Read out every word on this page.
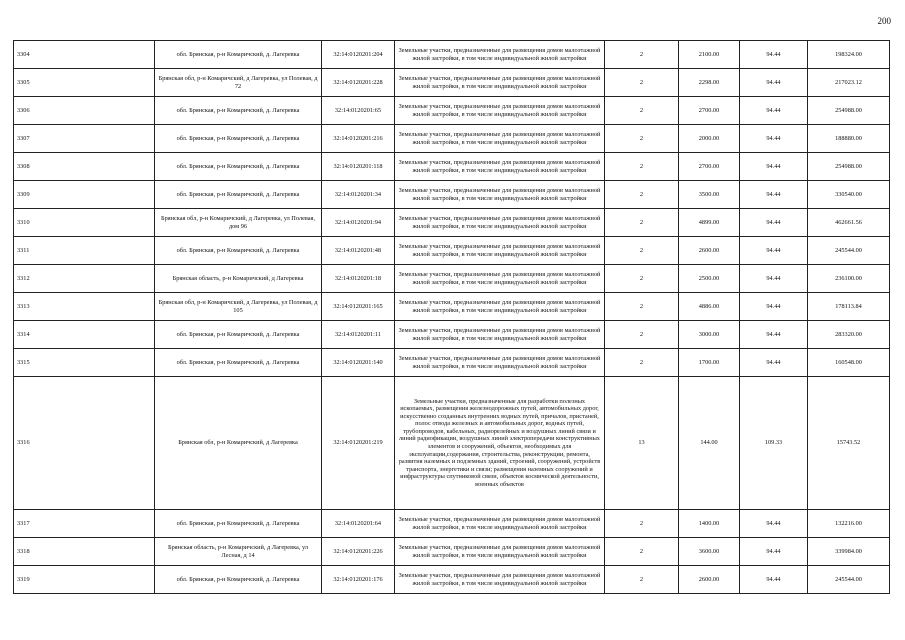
200
3304	обл. Брянская, р-н Комаричский, д. Лагеревка	32:14:0120201:204	Земельные участки, предназначенные для размещения домов малоэтажной жилой застройки, в том числе индивидуальной жилой застройки	2	2100.00	94.44	198324.00
3305	Брянская обл, р-н Комаричский, д Лагеревка, ул Полевая, д 72	32:14:0120201:228	Земельные участки, предназначенные для размещения домов малоэтажной жилой застройки, в том числе индивидуальной жилой застройки	2	2298.00	94.44	217023.12
3306	обл. Брянская, р-н Комаричский, д. Лагеревка	32:14:0120201:65	Земельные участки, предназначенные для размещения домов малоэтажной жилой застройки, в том числе индивидуальной жилой застройки	2	2700.00	94.44	254988.00
3307	обл. Брянская, р-н Комаричский, д. Лагеревка	32:14:0120201:216	Земельные участки, предназначенные для размещения домов малоэтажной жилой застройки, в том числе индивидуальной жилой застройки	2	2000.00	94.44	188880.00
3308	обл. Брянская, р-н Комаричский, д. Лагеревка	32:14:0120201:118	Земельные участки, предназначенные для размещения домов малоэтажной жилой застройки, в том числе индивидуальной жилой застройки	2	2700.00	94.44	254988.00
3309	обл. Брянская, р-н Комаричский, д. Лагеревка	32:14:0120201:34	Земельные участки, предназначенные для размещения домов малоэтажной жилой застройки, в том числе индивидуальной жилой застройки	2	3500.00	94.44	330540.00
3310	Брянская обл, р-н Комаричский, д Лагеревка, ул Полевая, дом 96	32:14:0120201:94	Земельные участки, предназначенные для размещения домов малоэтажной жилой застройки, в том числе индивидуальной жилой застройки	2	4899.00	94.44	462661.56
3311	обл. Брянская, р-н Комаричский, д. Лагеревка	32:14:0120201:48	Земельные участки, предназначенные для размещения домов малоэтажной жилой застройки, в том числе индивидуальной жилой застройки	2	2600.00	94.44	245544.00
3312	Брянская область, р-н Комаричский, д Лагеревка	32:14:0120201:18	Земельные участки, предназначенные для размещения домов малоэтажной жилой застройки, в том числе индивидуальной жилой застройки	2	2500.00	94.44	236100.00
3313	Брянская обл, р-н Комаричский, д Лагеревка, ул Полевая, д 105	32:14:0120201:165	Земельные участки, предназначенные для размещения домов малоэтажной жилой застройки, в том числе индивидуальной жилой застройки	2	4886.00	94.44	178113.84
3314	обл. Брянская, р-н Комаричский, д. Лагеревка	32:14:0120201:11	Земельные участки, предназначенные для размещения домов малоэтажной жилой застройки, в том числе индивидуальной жилой застройки	2	3000.00	94.44	283320.00
3315	обл. Брянская, р-н Комаричский, д. Лагеревка	32:14:0120201:140	Земельные участки, предназначенные для размещения домов малоэтажной жилой застройки, в том числе индивидуальной жилой застройки	2	1700.00	94.44	160548.00
3316	Брянская обл, р-н Комаричский, д Лагеревка	32:14:0120201:219	Земельные участки, предназначенные для разработки полезных ископаемых, размещения железнодорожных путей, автомобильных дорог, искусственно созданных внутренних водных путей, причалов, пристаней, полос отвода железных и автомобильных дорог, водных путей, трубопроводов, кабельных, радиорелейных и воздушных линий связи и линий радиофикации, воздушных линий электропередачи конструктивных элементов и сооружений, объектов, необходимых для эксплуатации,содержания, строительства, реконструкции, ремонта, развития наземных и подземных зданий, строений, сооружений, устройств транспорта, энергетики и связи; размещения наземных сооружений и инфраструктуры спутниковой связи, объектов космической деятельности, военных объектов	13	144.00	109.33	15743.52
3317	обл. Брянская, р-н Комаричский, д. Лагеревка	32:14:0120201:64	Земельные участки, предназначенные для размещения домов малоэтажной жилой застройки, в том числе индивидуальной жилой застройки	2	1400.00	94.44	132216.00
3318	Брянская область, р-н Комаричский, д Лагеревка, ул Лесная, д 14	32:14:0120201:226	Земельные участки, предназначенные для размещения домов малоэтажной жилой застройки, в том числе индивидуальной жилой застройки	2	3600.00	94.44	339984.00
3319	обл. Брянская, р-н Комаричский, д. Лагеревка	32:14:0120201:176	Земельные участки, предназначенные для размещения домов малоэтажной жилой застройки, в том числе индивидуальной жилой застройки	2	2600.00	94.44	245544.00
